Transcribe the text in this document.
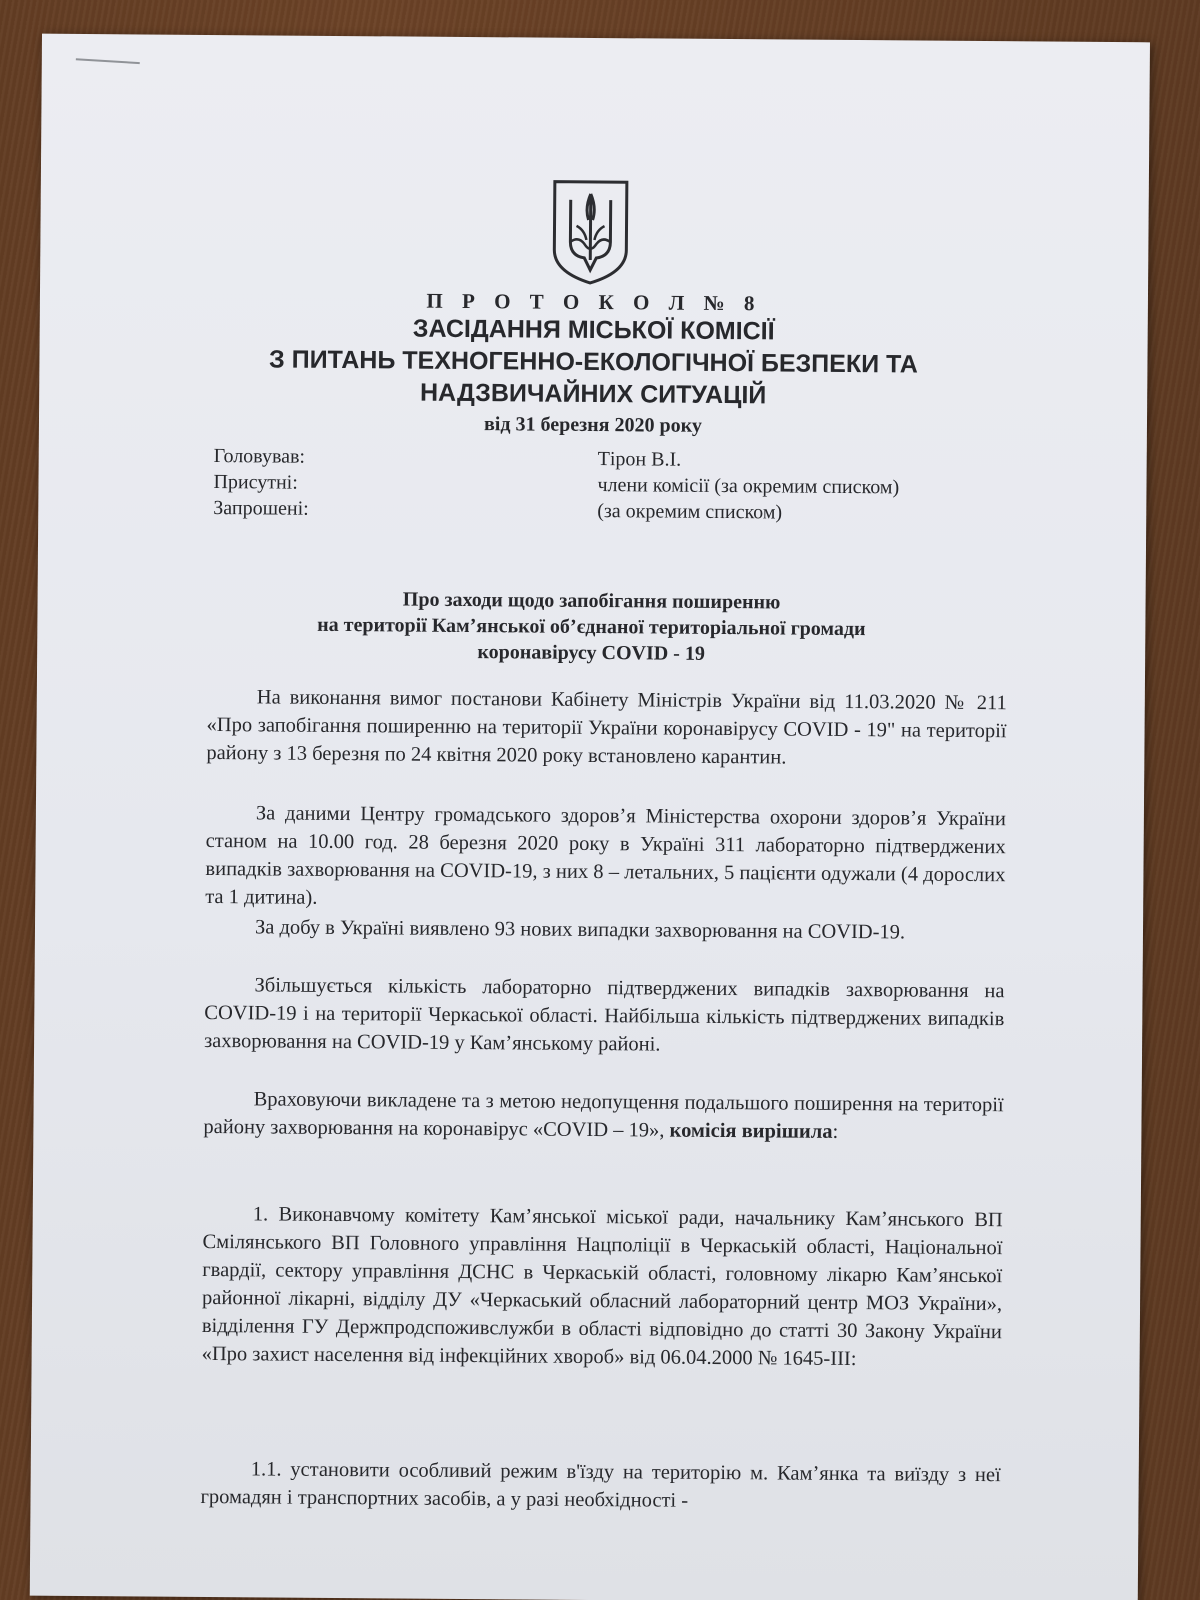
П Р О Т О К О Л № 8
ЗАСІДАННЯ МІСЬКОЇ КОМІСІЇ
З ПИТАНЬ ТЕХНОГЕННО-ЕКОЛОГІЧНОЇ БЕЗПЕКИ ТА
НАДЗВИЧАЙНИХ СИТУАЦІЙ
від 31 березня 2020 року
Головував:	Тірон В.І.
Присутні:	члени комісії (за окремим списком)
Запрошені:	(за окремим списком)
Про заходи щодо запобігання поширенню
на території Кам’янської об’єднаної територіальної громади
коронавірусу COVID - 19
На виконання вимог постанови Кабінету Міністрів України від 11.03.2020 № 211 «Про запобігання поширенню на території України коронавірусу COVID - 19" на території району з 13 березня по 24 квітня 2020 року встановлено карантин.
За даними Центру громадського здоров’я Міністерства охорони здоров’я України станом на 10.00 год. 28 березня 2020 року в Україні 311 лабораторно підтверджених випадків захворювання на COVID-19, з них 8 – летальних, 5 пацієнти одужали (4 дорослих та 1 дитина).
За добу в Україні виявлено 93 нових випадки захворювання на COVID-19.
Збільшується кількість лабораторно підтверджених випадків захворювання на COVID-19 і на території Черкаської області. Найбільша кількість підтверджених випадків захворювання на COVID-19 у Кам’янському районі.
Враховуючи викладене та з метою недопущення подальшого поширення на території району захворювання на коронавірус «COVID – 19», комісія вирішила:
1. Виконавчому комітету Кам’янської міської ради, начальнику Кам’янського ВП Смілянського ВП Головного управління Нацполіції в Черкаській області, Національної гвардії, сектору управління ДСНС в Черкаській області, головному лікарю Кам’янської районної лікарні, відділу ДУ «Черкаський обласний лабораторний центр МОЗ України», відділення ГУ Держпродспоживслужби в області відповідно до статті 30 Закону України «Про захист населення від інфекційних хвороб» від 06.04.2000 № 1645-ІІІ:
1.1. установити особливий режим в'їзду на територію м. Кам’янка та виїзду з неї громадян і транспортних засобів, а у разі необхідності -
